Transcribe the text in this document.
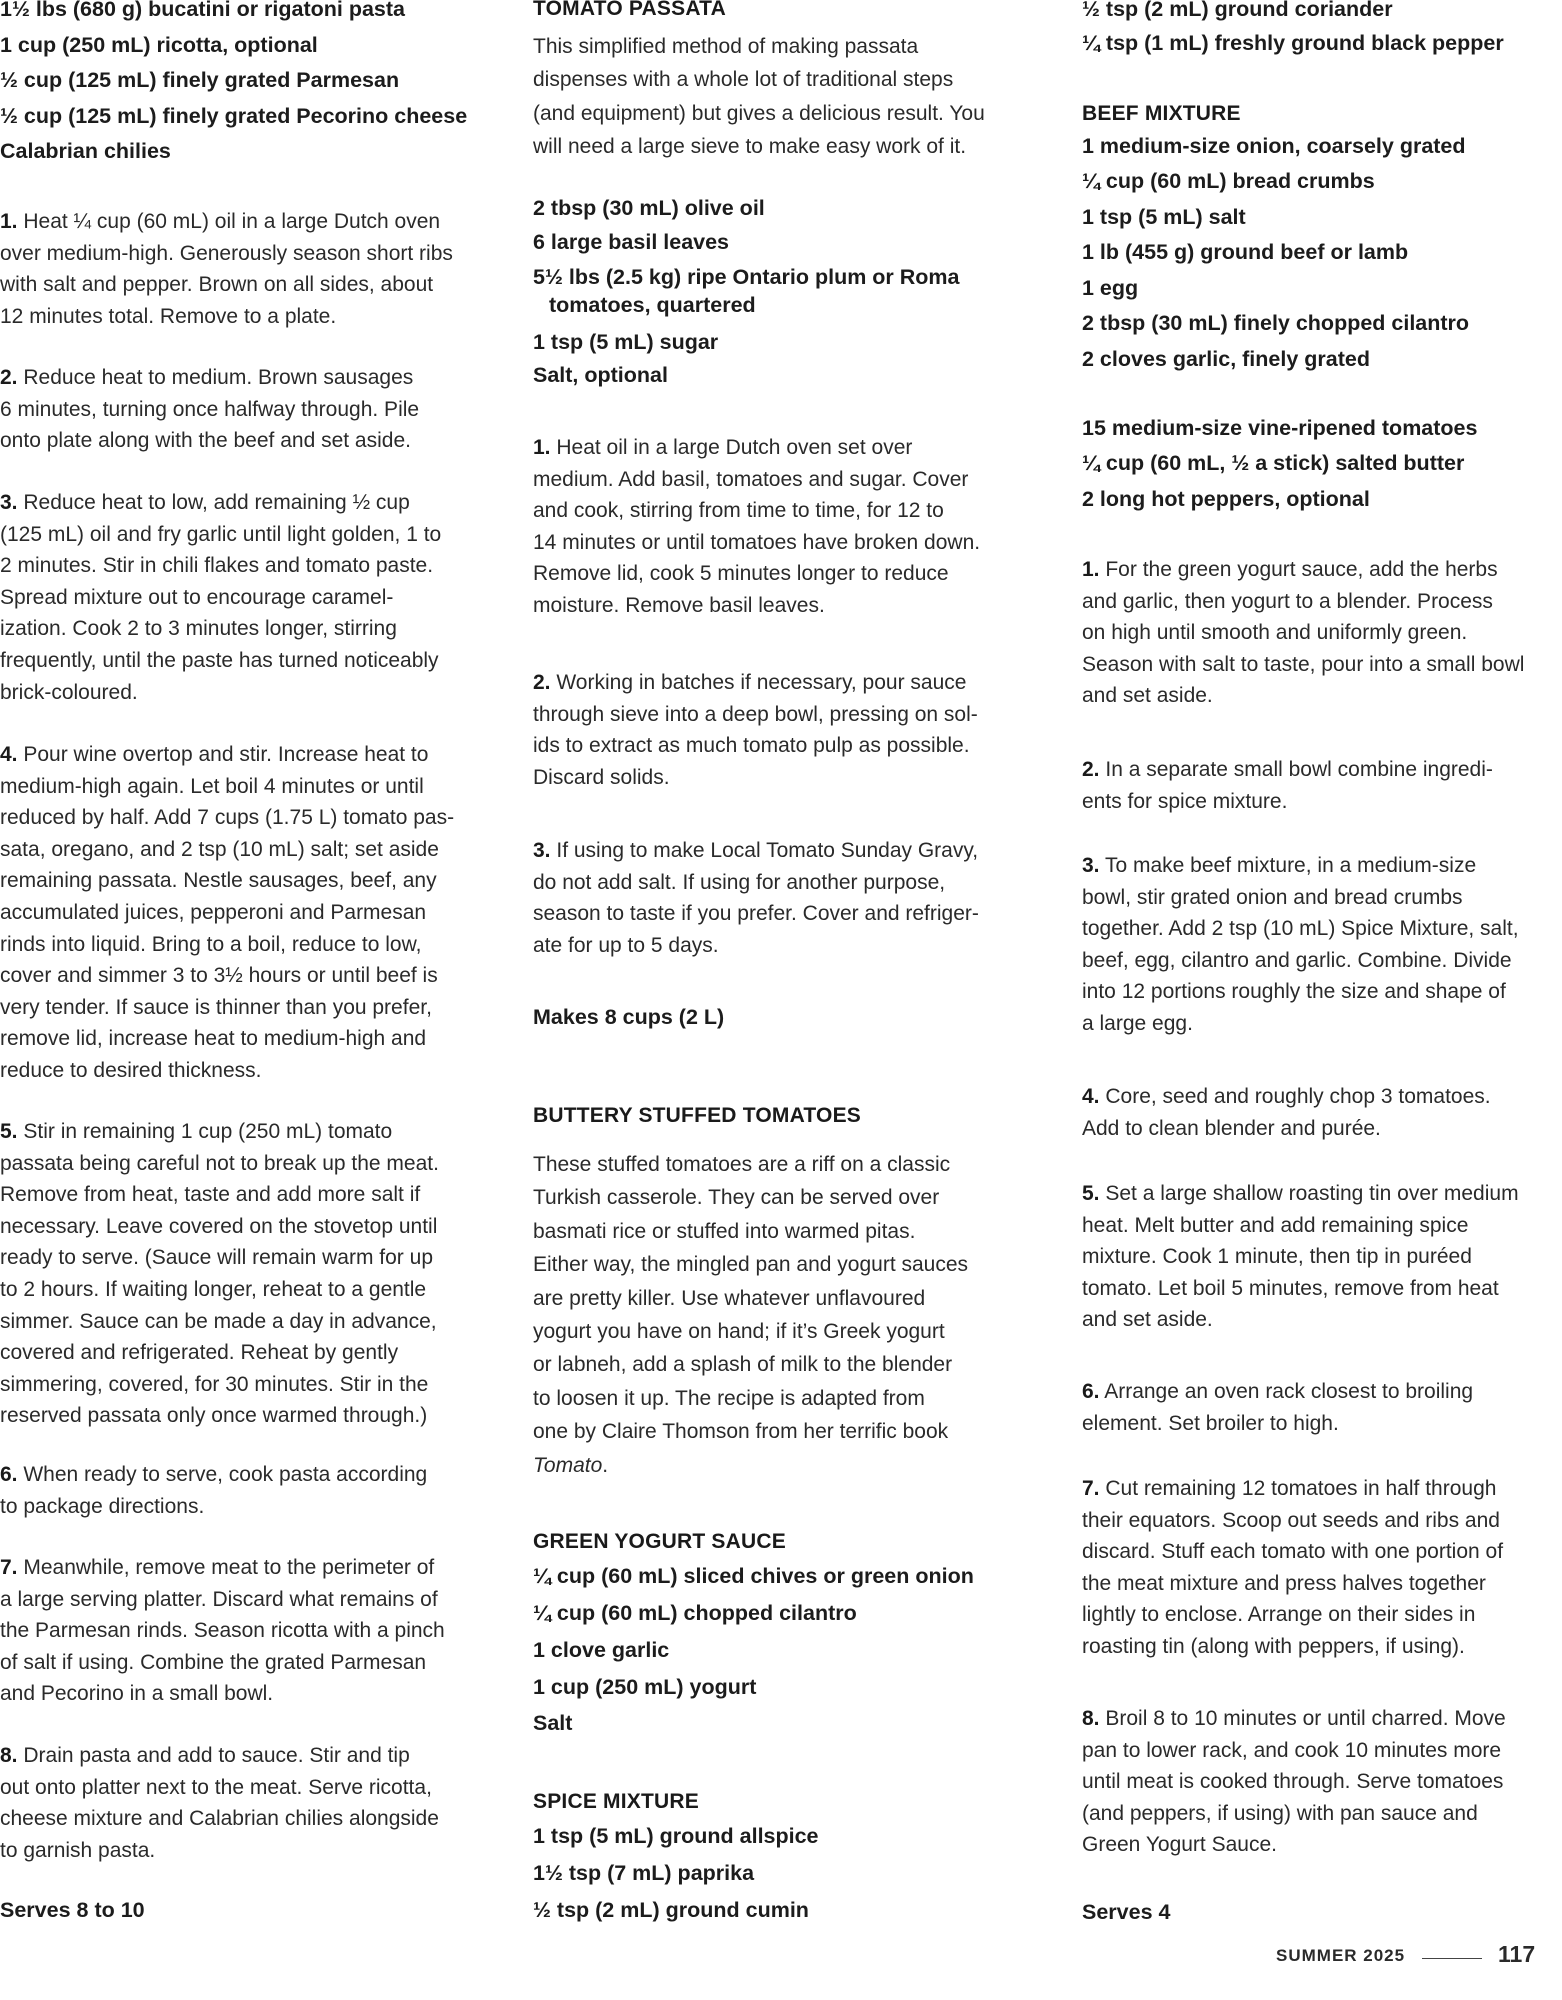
1½ lbs (680 g) bucatini or rigatoni pasta
1 cup (250 mL) ricotta, optional
½ cup (125 mL) finely grated Parmesan
½ cup (125 mL) finely grated Pecorino cheese
Calabrian chilies
1. Heat ¼ cup (60 mL) oil in a large Dutch oven
over medium-high. Generously season short ribs
with salt and pepper. Brown on all sides, about
12 minutes total. Remove to a plate.
2. Reduce heat to medium. Brown sausages
6 minutes, turning once halfway through. Pile
onto plate along with the beef and set aside.
3. Reduce heat to low, add remaining ½ cup
(125 mL) oil and fry garlic until light golden, 1 to
2 minutes. Stir in chili flakes and tomato paste.
Spread mixture out to encourage caramel-
ization. Cook 2 to 3 minutes longer, stirring
frequently, until the paste has turned noticeably
brick-coloured.
4. Pour wine overtop and stir. Increase heat to
medium-high again. Let boil 4 minutes or until
reduced by half. Add 7 cups (1.75 L) tomato pas-
sata, oregano, and 2 tsp (10 mL) salt; set aside
remaining passata. Nestle sausages, beef, any
accumulated juices, pepperoni and Parmesan
rinds into liquid. Bring to a boil, reduce to low,
cover and simmer 3 to 3½ hours or until beef is
very tender. If sauce is thinner than you prefer,
remove lid, increase heat to medium-high and
reduce to desired thickness.
5. Stir in remaining 1 cup (250 mL) tomato
passata being careful not to break up the meat.
Remove from heat, taste and add more salt if
necessary. Leave covered on the stovetop until
ready to serve. (Sauce will remain warm for up
to 2 hours. If waiting longer, reheat to a gentle
simmer. Sauce can be made a day in advance,
covered and refrigerated. Reheat by gently
simmering, covered, for 30 minutes. Stir in the
reserved passata only once warmed through.)
6. When ready to serve, cook pasta according
to package directions.
7. Meanwhile, remove meat to the perimeter of
a large serving platter. Discard what remains of
the Parmesan rinds. Season ricotta with a pinch
of salt if using. Combine the grated Parmesan
and Pecorino in a small bowl.
8. Drain pasta and add to sauce. Stir and tip
out onto platter next to the meat. Serve ricotta,
cheese mixture and Calabrian chilies alongside
to garnish pasta.
Serves 8 to 10
TOMATO PASSATA
This simplified method of making passata
dispenses with a whole lot of traditional steps
(and equipment) but gives a delicious result. You
will need a large sieve to make easy work of it.
2 tbsp (30 mL) olive oil
6 large basil leaves
5½ lbs (2.5 kg) ripe Ontario plum or Roma
tomatoes, quartered
1 tsp (5 mL) sugar
Salt, optional
1. Heat oil in a large Dutch oven set over
medium. Add basil, tomatoes and sugar. Cover
and cook, stirring from time to time, for 12 to
14 minutes or until tomatoes have broken down.
Remove lid, cook 5 minutes longer to reduce
moisture. Remove basil leaves.
2. Working in batches if necessary, pour sauce
through sieve into a deep bowl, pressing on sol-
ids to extract as much tomato pulp as possible.
Discard solids.
3. If using to make Local Tomato Sunday Gravy,
do not add salt. If using for another purpose,
season to taste if you prefer. Cover and refriger-
ate for up to 5 days.
Makes 8 cups (2 L)
BUTTERY STUFFED TOMATOES
These stuffed tomatoes are a riff on a classic
Turkish casserole. They can be served over
basmati rice or stuffed into warmed pitas.
Either way, the mingled pan and yogurt sauces
are pretty killer. Use whatever unflavoured
yogurt you have on hand; if it’s Greek yogurt
or labneh, add a splash of milk to the blender
to loosen it up. The recipe is adapted from
one by Claire Thomson from her terrific book
Tomato.
GREEN YOGURT SAUCE
¼ cup (60 mL) sliced chives or green onion
¼ cup (60 mL) chopped cilantro
1 clove garlic
1 cup (250 mL) yogurt
Salt
SPICE MIXTURE
1 tsp (5 mL) ground allspice
1½ tsp (7 mL) paprika
½ tsp (2 mL) ground cumin
½ tsp (2 mL) ground coriander
¼ tsp (1 mL) freshly ground black pepper
BEEF MIXTURE
1 medium-size onion, coarsely grated
¼ cup (60 mL) bread crumbs
1 tsp (5 mL) salt
1 lb (455 g) ground beef or lamb
1 egg
2 tbsp (30 mL) finely chopped cilantro
2 cloves garlic, finely grated
15 medium-size vine-ripened tomatoes
¼ cup (60 mL, ½ a stick) salted butter
2 long hot peppers, optional
1. For the green yogurt sauce, add the herbs
and garlic, then yogurt to a blender. Process
on high until smooth and uniformly green.
Season with salt to taste, pour into a small bowl
and set aside.
2. In a separate small bowl combine ingredi-
ents for spice mixture.
3. To make beef mixture, in a medium-size
bowl, stir grated onion and bread crumbs
together. Add 2 tsp (10 mL) Spice Mixture, salt,
beef, egg, cilantro and garlic. Combine. Divide
into 12 portions roughly the size and shape of
a large egg.
4. Core, seed and roughly chop 3 tomatoes.
Add to clean blender and purée.
5. Set a large shallow roasting tin over medium
heat. Melt butter and add remaining spice
mixture. Cook 1 minute, then tip in puréed
tomato. Let boil 5 minutes, remove from heat
and set aside.
6. Arrange an oven rack closest to broiling
element. Set broiler to high.
7. Cut remaining 12 tomatoes in half through
their equators. Scoop out seeds and ribs and
discard. Stuff each tomato with one portion of
the meat mixture and press halves together
lightly to enclose. Arrange on their sides in
roasting tin (along with peppers, if using).
8. Broil 8 to 10 minutes or until charred. Move
pan to lower rack, and cook 10 minutes more
until meat is cooked through. Serve tomatoes
(and peppers, if using) with pan sauce and
Green Yogurt Sauce.
Serves 4
SUMMER 2025	117
